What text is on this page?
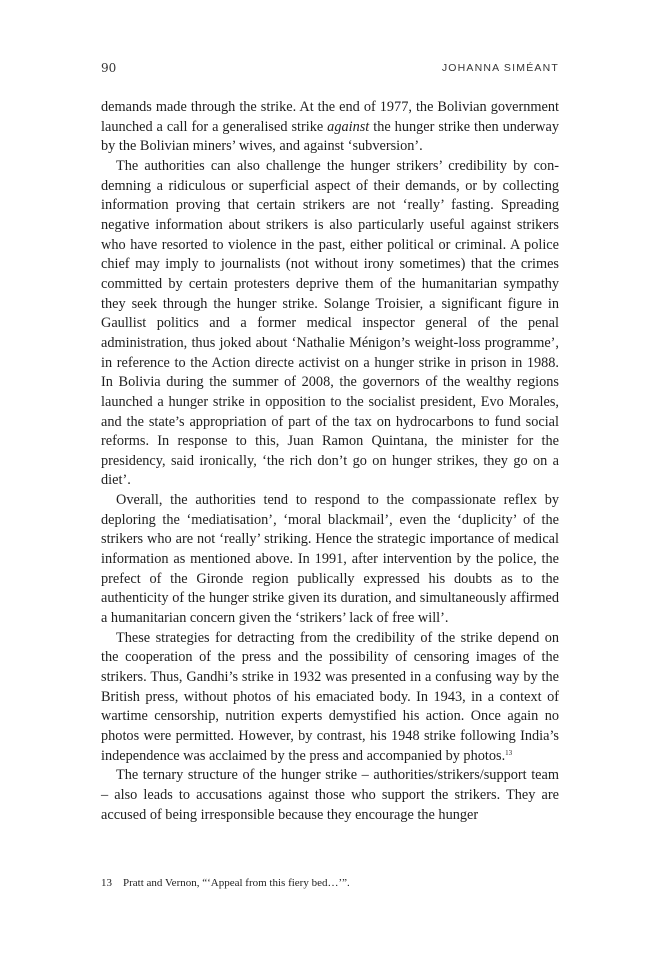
90	JOHANNA SIMÉANT

demands made through the strike. At the end of 1977, the Bolivian government launched a call for a generalised strike against the hunger strike then underway by the Bolivian miners’ wives, and against ‘subversion’.

The authorities can also challenge the hunger strikers’ credibility by condemning a ridiculous or superficial aspect of their demands, or by collecting information proving that certain strikers are not ‘really’ fasting. Spreading negative information about strikers is also particularly useful against strikers who have resorted to violence in the past, either political or criminal. A police chief may imply to journalists (not without irony sometimes) that the crimes committed by certain protesters deprive them of the humanitarian sympathy they seek through the hunger strike. Solange Troisier, a significant figure in Gaullist politics and a former medical inspector general of the penal administration, thus joked about ‘Nathalie Ménigon’s weight-loss programme’, in reference to the Action directe activist on a hunger strike in prison in 1988. In Bolivia during the summer of 2008, the governors of the wealthy regions launched a hunger strike in opposition to the socialist president, Evo Morales, and the state’s appropriation of part of the tax on hydrocarbons to fund social reforms. In response to this, Juan Ramon Quintana, the minister for the presidency, said ironically, ‘the rich don’t go on hunger strikes, they go on a diet’.

Overall, the authorities tend to respond to the compassionate reflex by deploring the ‘mediatisation’, ‘moral blackmail’, even the ‘duplicity’ of the strikers who are not ‘really’ striking. Hence the strategic importance of medical information as mentioned above. In 1991, after intervention by the police, the prefect of the Gironde region publically expressed his doubts as to the authenticity of the hunger strike given its duration, and simultaneously affirmed a humanitarian concern given the ‘strikers’ lack of free will’.

These strategies for detracting from the credibility of the strike depend on the cooperation of the press and the possibility of censoring images of the strikers. Thus, Gandhi’s strike in 1932 was presented in a confusing way by the British press, without photos of his emaciated body. In 1943, in a context of wartime censorship, nutrition experts demystified his action. Once again no photos were permitted. However, by contrast, his 1948 strike following India’s independence was acclaimed by the press and accompanied by photos.$^{13}$

The ternary structure of the hunger strike – authorities/strikers/support team – also leads to accusations against those who support the strikers. They are accused of being irresponsible because they encourage the hunger

13 Pratt and Vernon, “‘Appeal from this fiery bed…’”.
